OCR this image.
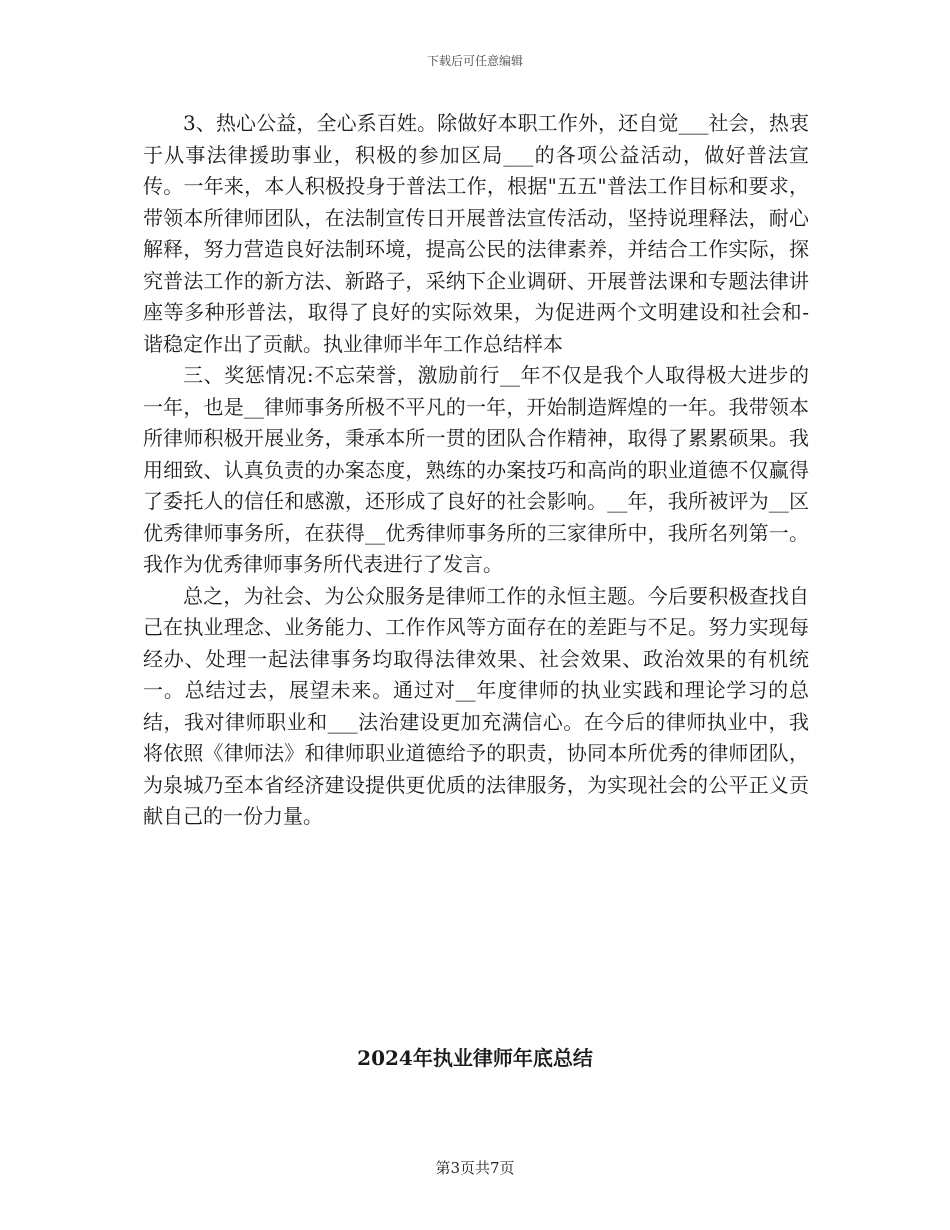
下载后可任意编辑

3、热心公益，全心系百姓。除做好本职工作外，还自觉___社会，热衷于从事法律援助事业，积极的参加区局___的各项公益活动，做好普法宣传。一年来，本人积极投身于普法工作，根据"五五"普法工作目标和要求，带领本所律师团队，在法制宣传日开展普法宣传活动，坚持说理释法，耐心解释，努力营造良好法制环境，提高公民的法律素养，并结合工作实际，探究普法工作的新方法、新路子，采纳下企业调研、开展普法课和专题法律讲座等多种形普法，取得了良好的实际效果，为促进两个文明建设和社会和-谐稳定作出了贡献。执业律师半年工作总结样本

三、奖惩情况:不忘荣誉，激励前行__年不仅是我个人取得极大进步的一年，也是__律师事务所极不平凡的一年，开始制造辉煌的一年。我带领本所律师积极开展业务，秉承本所一贯的团队合作精神，取得了累累硕果。我用细致、认真负责的办案态度，熟练的办案技巧和高尚的职业道德不仅赢得了委托人的信任和感激，还形成了良好的社会影响。__年，我所被评为__区优秀律师事务所，在获得__优秀律师事务所的三家律所中，我所名列第一。我作为优秀律师事务所代表进行了发言。

总之，为社会、为公众服务是律师工作的永恒主题。今后要积极查找自己在执业理念、业务能力、工作作风等方面存在的差距与不足。努力实现每经办、处理一起法律事务均取得法律效果、社会效果、政治效果的有机统一。总结过去，展望未来。通过对__年度律师的执业实践和理论学习的总结，我对律师职业和___法治建设更加充满信心。在今后的律师执业中，我将依照《律师法》和律师职业道德给予的职责，协同本所优秀的律师团队，为泉城乃至本省经济建设提供更优质的法律服务，为实现社会的公平正义贡献自己的一份力量。

2024年执业律师年底总结
第3页共7页
